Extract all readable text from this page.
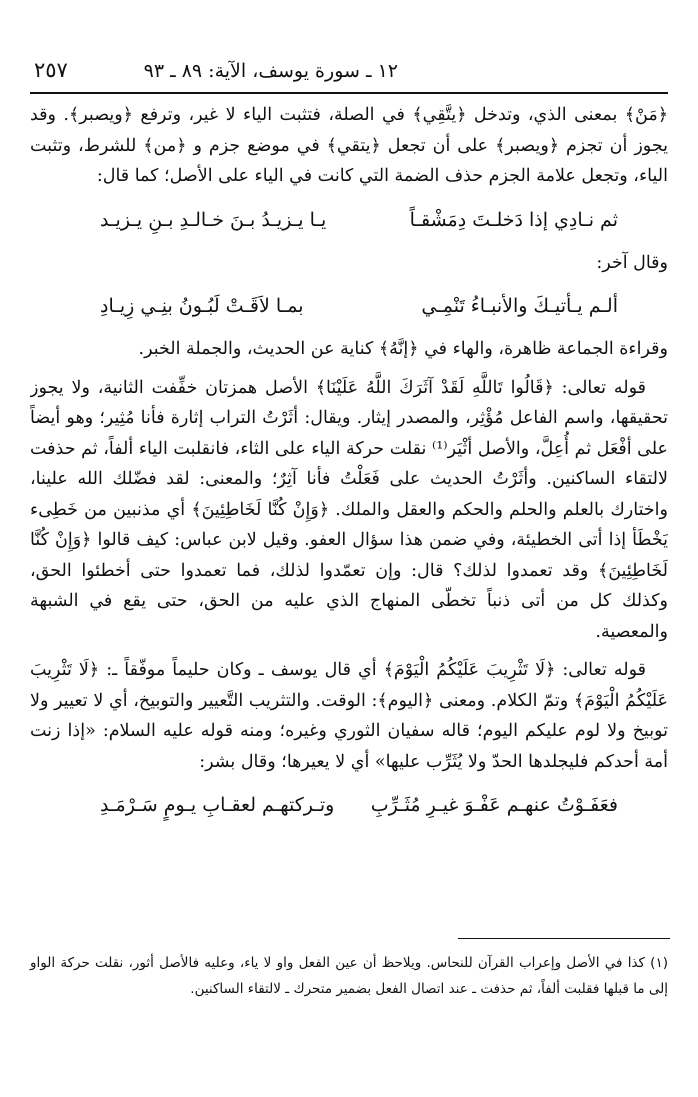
١٢ ـ سورة يوسف، الآية: ٨٩ ـ ٩٣
٢٥٧

﴿مَنْ﴾ بمعنى الذي، وتدخل ﴿يتَّقِي﴾ في الصلة، فتثبت الياء لا غير، وترفع ﴿ويصبر﴾. وقد يجوز أن تجزم ﴿ويصبر﴾ على أن تجعل ﴿يتقي﴾ في موضع جزم و ﴿من﴾ للشرط، وتثبت الياء، وتجعل علامة الجزم حذف الضمة التي كانت في الياء على الأصل؛ كما قال:

ثم نـادِي إذا دَخلـتَ دِمَشْقـاً
يـا يـزيـدُ بـنَ خـالـدِ بـنِ يـزيـد

وقال آخر:

ألـم يـأتيـكَ والأنبـاءُ تَنْمِـي
بمـا لاَقَـتْ لَبُـونُ بنِـي زِيـادِ

وقراءة الجماعة ظاهرة، والهاء في ﴿إنَّهُ﴾ كناية عن الحديث، والجملة الخبر.

قوله تعالى: ﴿قَالُوا تَاللَّهِ لَقَدْ آثَرَكَ اللَّهُ عَلَيْنَا﴾ الأصل همزتان خفِّفت الثانية، ولا يجوز تحقيقها، واسم الفاعل مُؤْثِر، والمصدر إيثار. ويقال: أثَرْتُ التراب إثارة فأنا مُثِير؛ وهو أيضاً على أفْعَل ثم أُعِلَّ، والأصل أثْيَر⁽¹⁾ نقلت حركة الياء على الثاء، فانقلبت الياء ألفاً، ثم حذفت لالتقاء الساكنين. وأثَرْتُ الحديث على فَعَلْتُ فأنا آثِرٌ؛ والمعنى: لقد فضّلك الله علينا، واختارك بالعلم والحلم والحكم والعقل والملك. ﴿وَإِنْ كُنَّا لَخَاطِئِينَ﴾ أي مذنبين من خَطِىء يَخْطَأ إذا أتى الخطيئة، وفي ضمن هذا سؤال العفو. وقيل لابن عباس: كيف قالوا ﴿وَإِنْ كُنَّا لَخَاطِئِينَ﴾ وقد تعمدوا لذلك؟ قال: وإن تعمّدوا لذلك، فما تعمدوا حتى أخطئوا الحق، وكذلك كل من أتى ذنباً تخطّى المنهاج الذي عليه من الحق، حتى يقع في الشبهة والمعصية.

قوله تعالى: ﴿لَا تَثْرِيبَ عَلَيْكُمُ الْيَوْمَ﴾ أي قال يوسف ـ وكان حليماً موفّقاً ـ: ﴿لَا تَثْرِيبَ عَلَيْكُمُ الْيَوْمَ﴾ وتمّ الكلام. ومعنى ﴿اليوم﴾: الوقت. والتثريب التَّعيير والتوبيخ، أي لا تعيير ولا توبيخ ولا لوم عليكم اليوم؛ قاله سفيان الثوري وغيره؛ ومنه قوله عليه السلام: «إذا زنت أمة أحدكم فليجلدها الحدّ ولا يُثَرِّب عليها» أي لا يعيرها؛ وقال بشر:

فعَفَـوْتُ عنهـم عَفْـوَ غيـرِ مُثَـرِّبِ
وتـركتهـم لعقـابِ يـومٍ سَـرْمَـدِ

(١) كذا في الأصل وإعراب القرآن للنحاس. ويلاحظ أن عين الفعل واو لا ياء، وعليه فالأصل أثور، نقلت حركة الواو إلى ما قبلها فقلبت ألفاً، ثم حذفت ـ عند اتصال الفعل بضمير متحرك ـ لالتقاء الساكنين.
